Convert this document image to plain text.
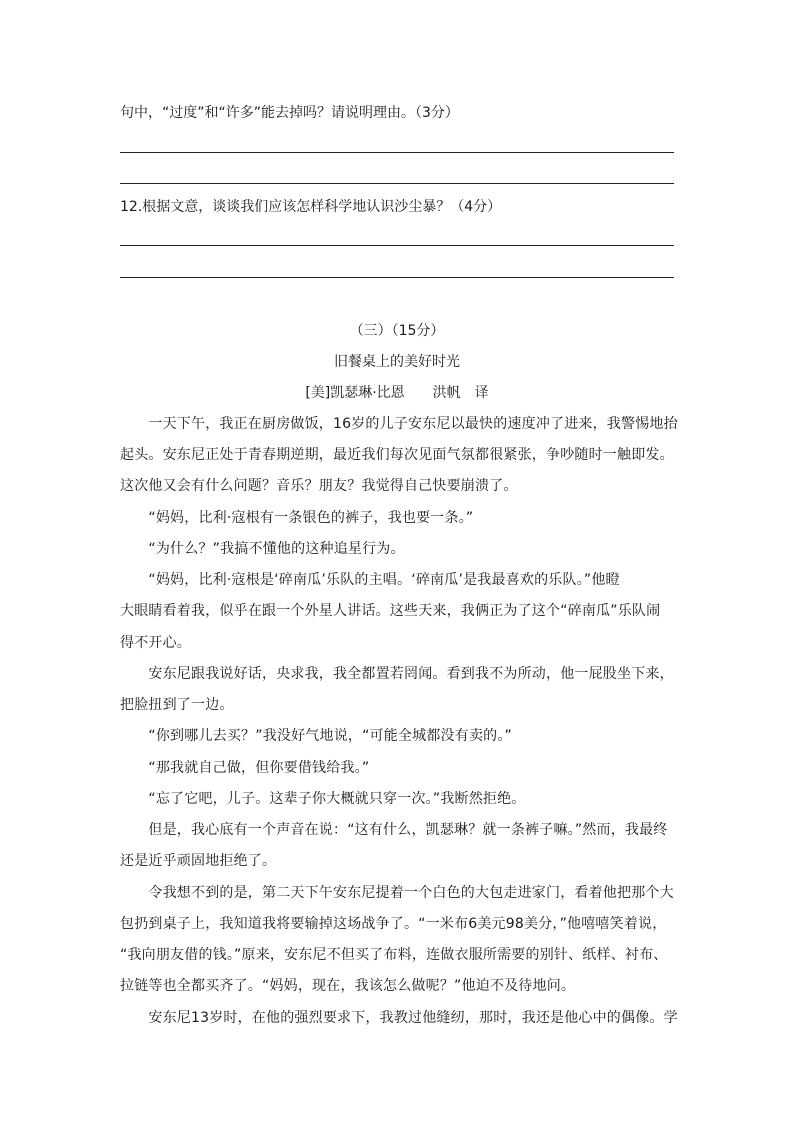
句中，“过度”和“许多”能去掉吗？请说明理由。（3分）
12.根据文意，谈谈我们应该怎样科学地认识沙尘暴？（4分）
（三）（15分）
旧餐桌上的美好时光
[美]凯瑟琳·比恩　　洪帆　译
　　一天下午，我正在厨房做饭，16岁的儿子安东尼以最快的速度冲了进来，我警惕地抬
起头。安东尼正处于青春期逆期，最近我们每次见面气氛都很紧张，争吵随时一触即发。
这次他又会有什么问题？音乐？朋友？我觉得自己快要崩溃了。
　　“妈妈，比利·寇根有一条银色的裤子，我也要一条。”
　　“为什么？”我搞不懂他的这种追星行为。
　　“妈妈，比利·寇根是‘碎南瓜’乐队的主唱。‘碎南瓜’是我最喜欢的乐队。”他瞪
大眼睛看着我，似乎在跟一个外星人讲话。这些天来，我俩正为了这个“碎南瓜”乐队闹
得不开心。
　　安东尼跟我说好话，央求我，我全都置若罔闻。看到我不为所动，他一屁股坐下来，
把脸扭到了一边。
　　“你到哪儿去买？”我没好气地说，“可能全城都没有卖的。”
　　“那我就自己做，但你要借钱给我。”
　　“忘了它吧，儿子。这辈子你大概就只穿一次。”我断然拒绝。
　　但是，我心底有一个声音在说：“这有什么，凯瑟琳？就一条裤子嘛。”然而，我最终
还是近乎顽固地拒绝了。
　　令我想不到的是，第二天下午安东尼提着一个白色的大包走进家门，看着他把那个大
包扔到桌子上，我知道我将要输掉这场战争了。“一米布6美元98美分，”他嘻嘻笑着说，
“我向朋友借的钱。”原来，安东尼不但买了布料，连做衣服所需要的别针、纸样、衬布、
拉链等也全都买齐了。“妈妈，现在，我该怎么做呢？”他迫不及待地问。
　　安东尼13岁时，在他的强烈要求下，我教过他缝纫，那时，我还是他心中的偶像。学
